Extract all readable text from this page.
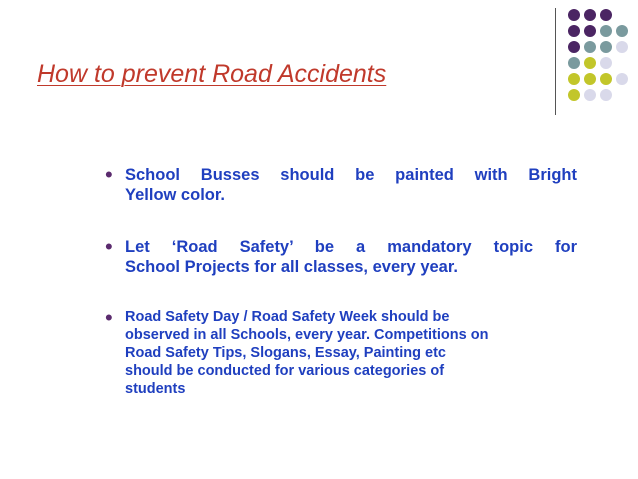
How to prevent Road Accidents
• School Busses should be painted with Bright
Yellow color.
• Let ‘Road Safety’ be a mandatory topic for
School Projects for all classes, every year.
• Road Safety Day / Road Safety Week should be
observed in all Schools, every year. Competitions on
Road Safety Tips, Slogans, Essay, Painting etc
should be conducted for various categories of
students
